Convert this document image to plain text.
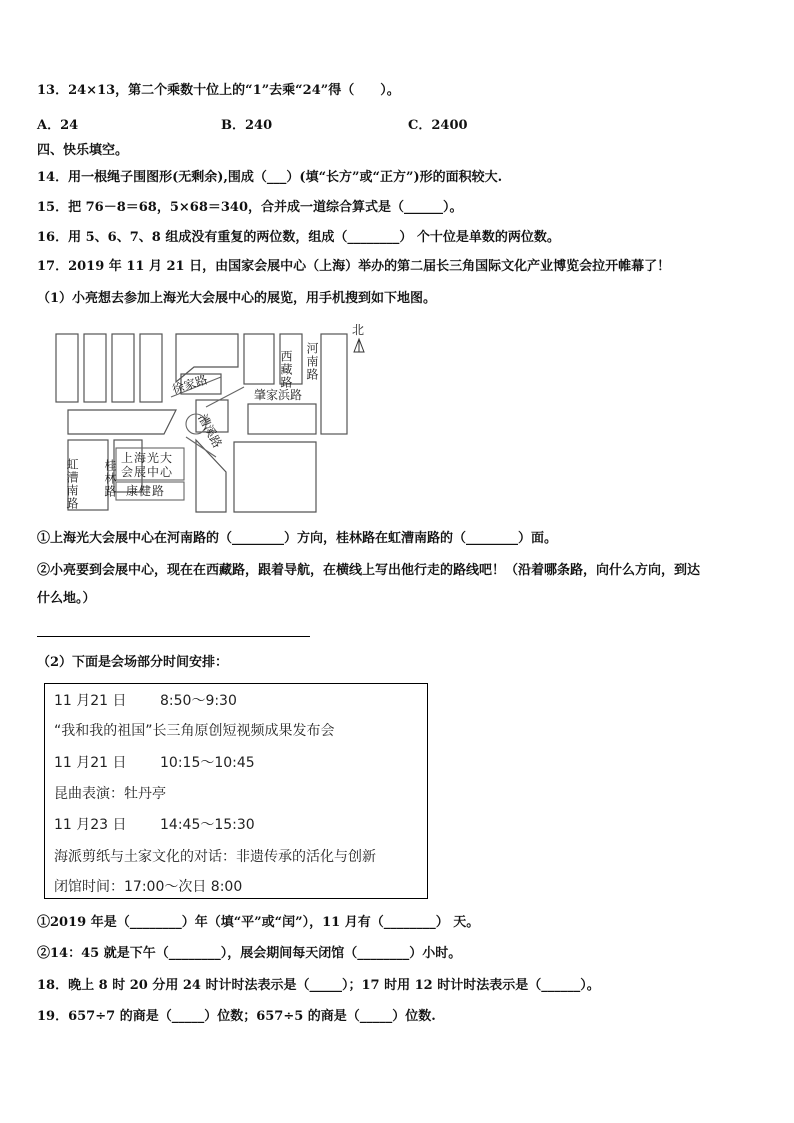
13．24×13，第二个乘数十位上的“1”去乘“24”得（　　）。
A．24	B．240	C．2400
四、快乐填空。
14．用一根绳子围图形(无剩余),围成（___）(填“长方”或“正方”)形的面积较大.
15．把 76－8＝68，5×68＝340，合并成一道综合算式是（______）。
16．用 5、6、7、8 组成没有重复的两位数，组成（________） 个十位是单数的两位数。
17．2019 年 11 月 21 日，由国家会展中心（上海）举办的第二届长三角国际文化产业博览会拉开帷幕了！
（1）小亮想去参加上海光大会展中心的展览，用手机搜到如下地图。
北
西藏路 河南路
徐家路	肇家浜路
漕溪路
虹漕南路 桂林路
上海光大
会展中心
康健路
①上海光大会展中心在河南路的（________）方向，桂林路在虹漕南路的（________）面。
②小亮要到会展中心，现在在西藏路，跟着导航，在横线上写出他行走的路线吧！（沿着哪条路，向什么方向，到达
什么地。）
（2）下面是会场部分时间安排：
11 月21 日 8:50～9:30
“我和我的祖国”长三角原创短视频成果发布会
11 月21 日 10:15～10:45
昆曲表演：牡丹亭
11 月23 日 14:45～15:30
海派剪纸与土家文化的对话：非遗传承的活化与创新
闭馆时间：17:00～次日 8:00
①2019 年是（________）年（填“平”或“闰”），11 月有（________） 天。
②14：45 就是下午（________），展会期间每天闭馆（________）小时。
18．晚上 8 时 20 分用 24 时计时法表示是（_____）；17 时用 12 时计时法表示是（______）。
19．657÷7 的商是（_____）位数；657÷5 的商是（_____）位数.
